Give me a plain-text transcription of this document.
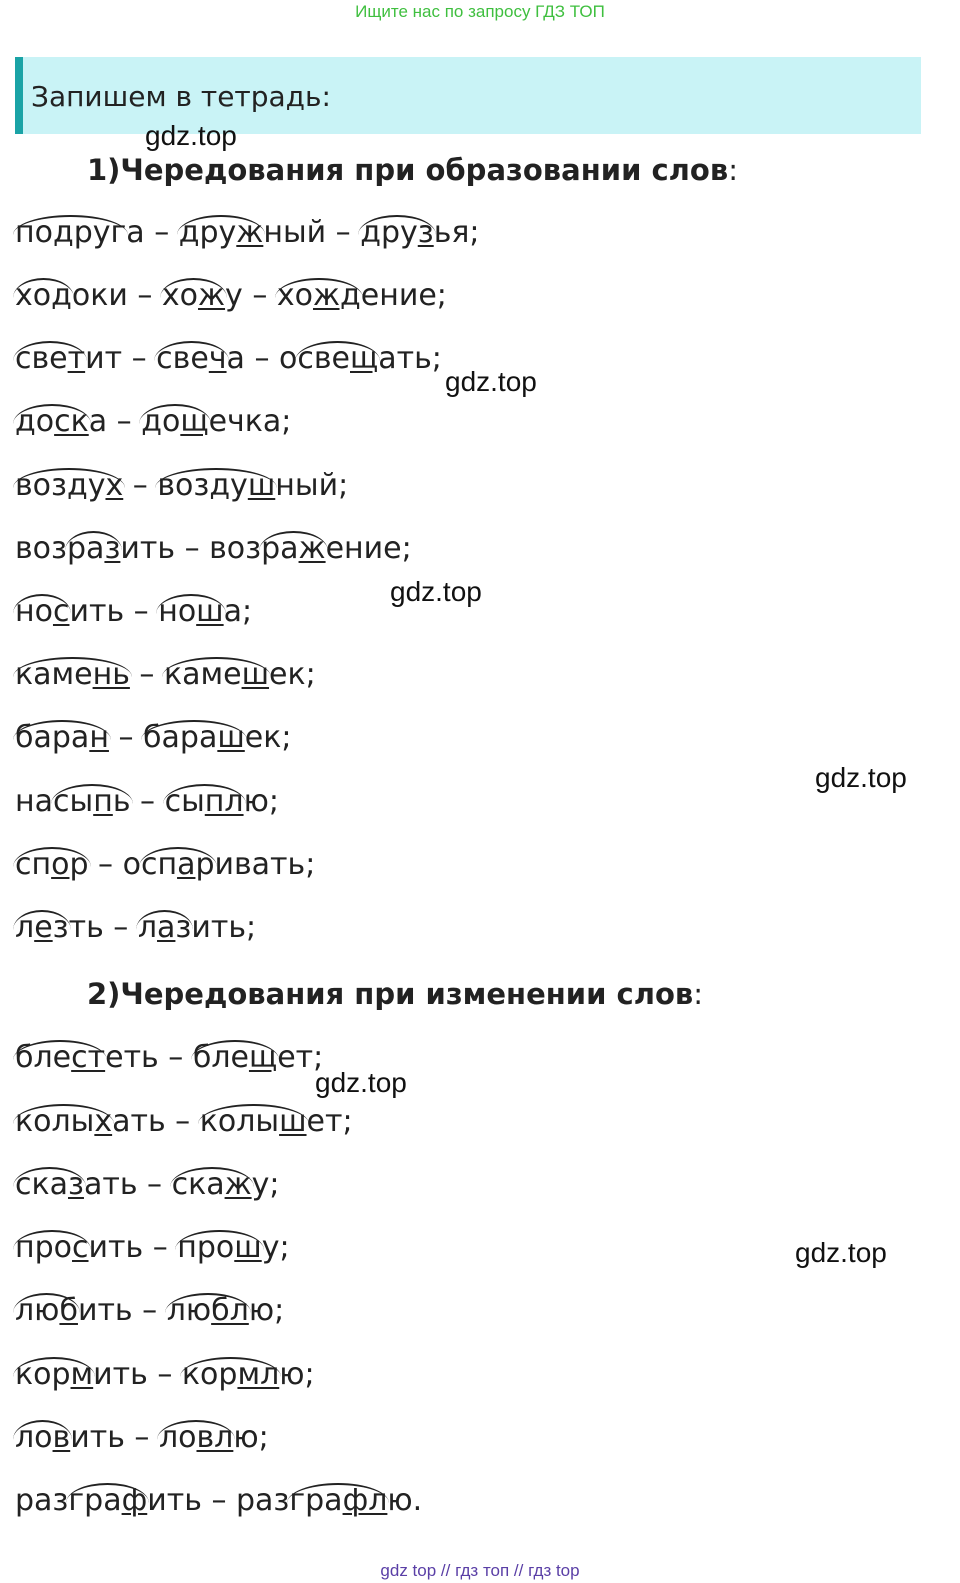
Ищите нас по запросу ГДЗ ТОП
Запишем в тетрадь:
gdz.top
1)Чередования при образовании слов:
подруга – дружный – друзья;
ходоки – хожу – хождение;
светит – свеча – освещать;
доска – дощечка;
воздух – воздушный;
возразить – возражение;
носить – ноша;
камень – камешек;
баран – барашек;
насыпь – сыплю;
спор – оспаривать;
лезть – лазить;
2)Чередования при изменении слов:
блестеть – блещет;
колыхать – колышет;
сказать – скажу;
просить – прошу;
любить – люблю;
кормить – кормлю;
ловить – ловлю;
разграфить – разграфлю.
gdz.top
gdz.top
gdz.top
gdz.top
gdz.top
gdz top // гдз топ // гдз top
